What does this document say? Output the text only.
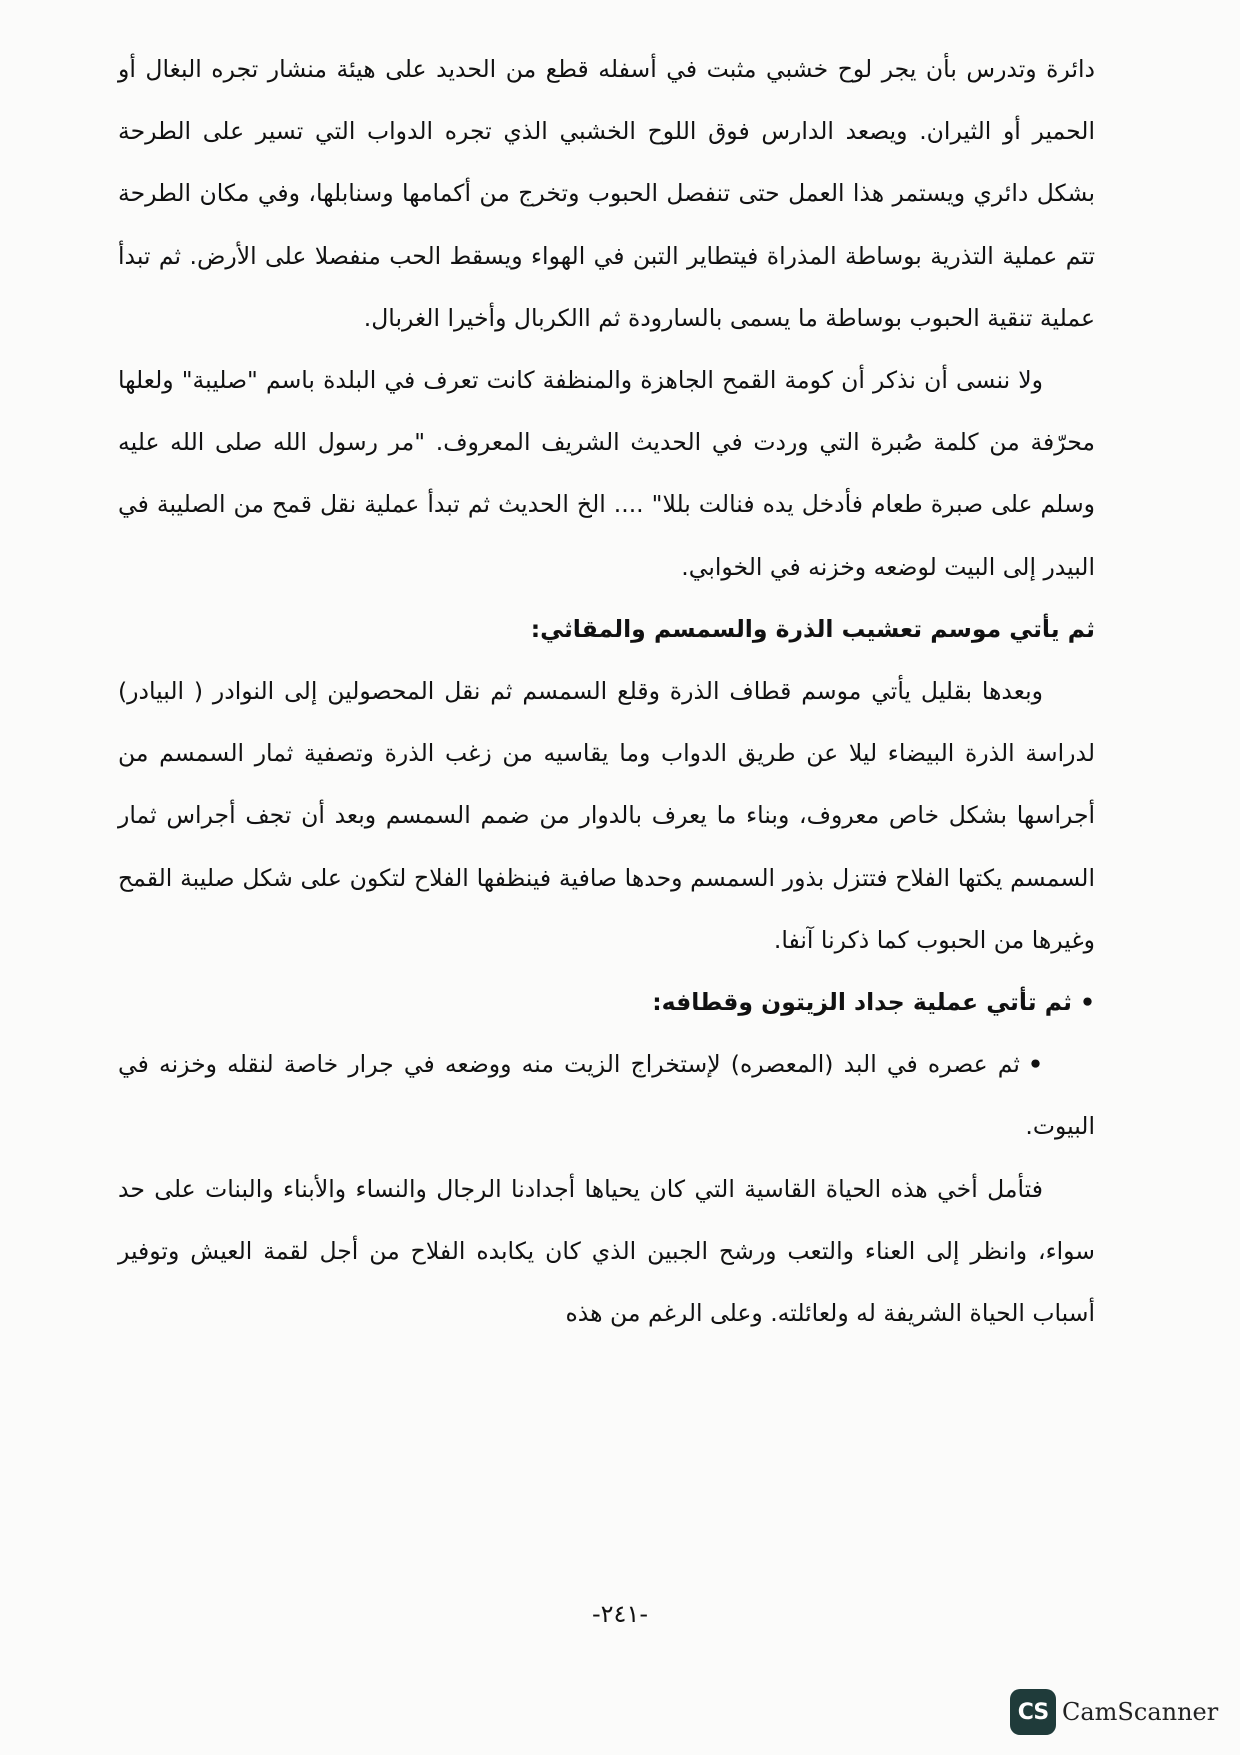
دائرة وتدرس بأن يجر لوح خشبي مثبت في أسفله قطع من الحديد على هيئة منشار تجره البغال أو الحمير أو الثيران. ويصعد الدارس فوق اللوح الخشبي الذي تجره الدواب التي تسير على الطرحة بشكل دائري ويستمر هذا العمل حتى تنفصل الحبوب وتخرج من أكمامها وسنابلها، وفي مكان الطرحة تتم عملية التذرية بوساطة المذراة فيتطاير التبن في الهواء ويسقط الحب منفصلا على الأرض. ثم تبدأ عملية تنقية الحبوب بوساطة ما يسمى بالسارودة ثم االكربال وأخيرا الغربال.

ولا ننسى أن نذكر أن كومة القمح الجاهزة والمنظفة كانت تعرف في البلدة باسم "صليبة" ولعلها محرّفة من كلمة صُبرة التي وردت في الحديث الشريف المعروف. "مر رسول الله صلى الله عليه وسلم على صبرة طعام فأدخل يده فنالت بللا" .... الخ الحديث ثم تبدأ عملية نقل قمح من الصليبة في البيدر إلى البيت لوضعه وخزنه في الخوابي.

ثم يأتي موسم تعشيب الذرة والسمسم والمقاثي:

وبعدها بقليل يأتي موسم قطاف الذرة وقلع السمسم ثم نقل المحصولين إلى النوادر ( البيادر) لدراسة الذرة البيضاء ليلا عن طريق الدواب وما يقاسيه من زغب الذرة وتصفية ثمار السمسم من أجراسها بشكل خاص معروف، وبناء ما يعرف بالدوار من ضمم السمسم وبعد أن تجف أجراس ثمار السمسم يكتها الفلاح فتتزل بذور السمسم وحدها صافية فينظفها الفلاح لتكون على شكل صليبة القمح وغيرها من الحبوب كما ذكرنا آنفا.

•ثم تأتي عملية جداد الزيتون وقطافه:

•ثم عصره في البد (المعصره) لإستخراج الزيت منه ووضعه في جرار خاصة لنقله وخزنه في البيوت.

فتأمل أخي هذه الحياة القاسية التي كان يحياها أجدادنا الرجال والنساء والأبناء والبنات على حد سواء، وانظر إلى العناء والتعب ورشح الجبين الذي كان يكابده الفلاح من أجل لقمة العيش وتوفير أسباب الحياة الشريفة له ولعائلته. وعلى الرغم من هذه

-٢٤١-
CS CamScanner
